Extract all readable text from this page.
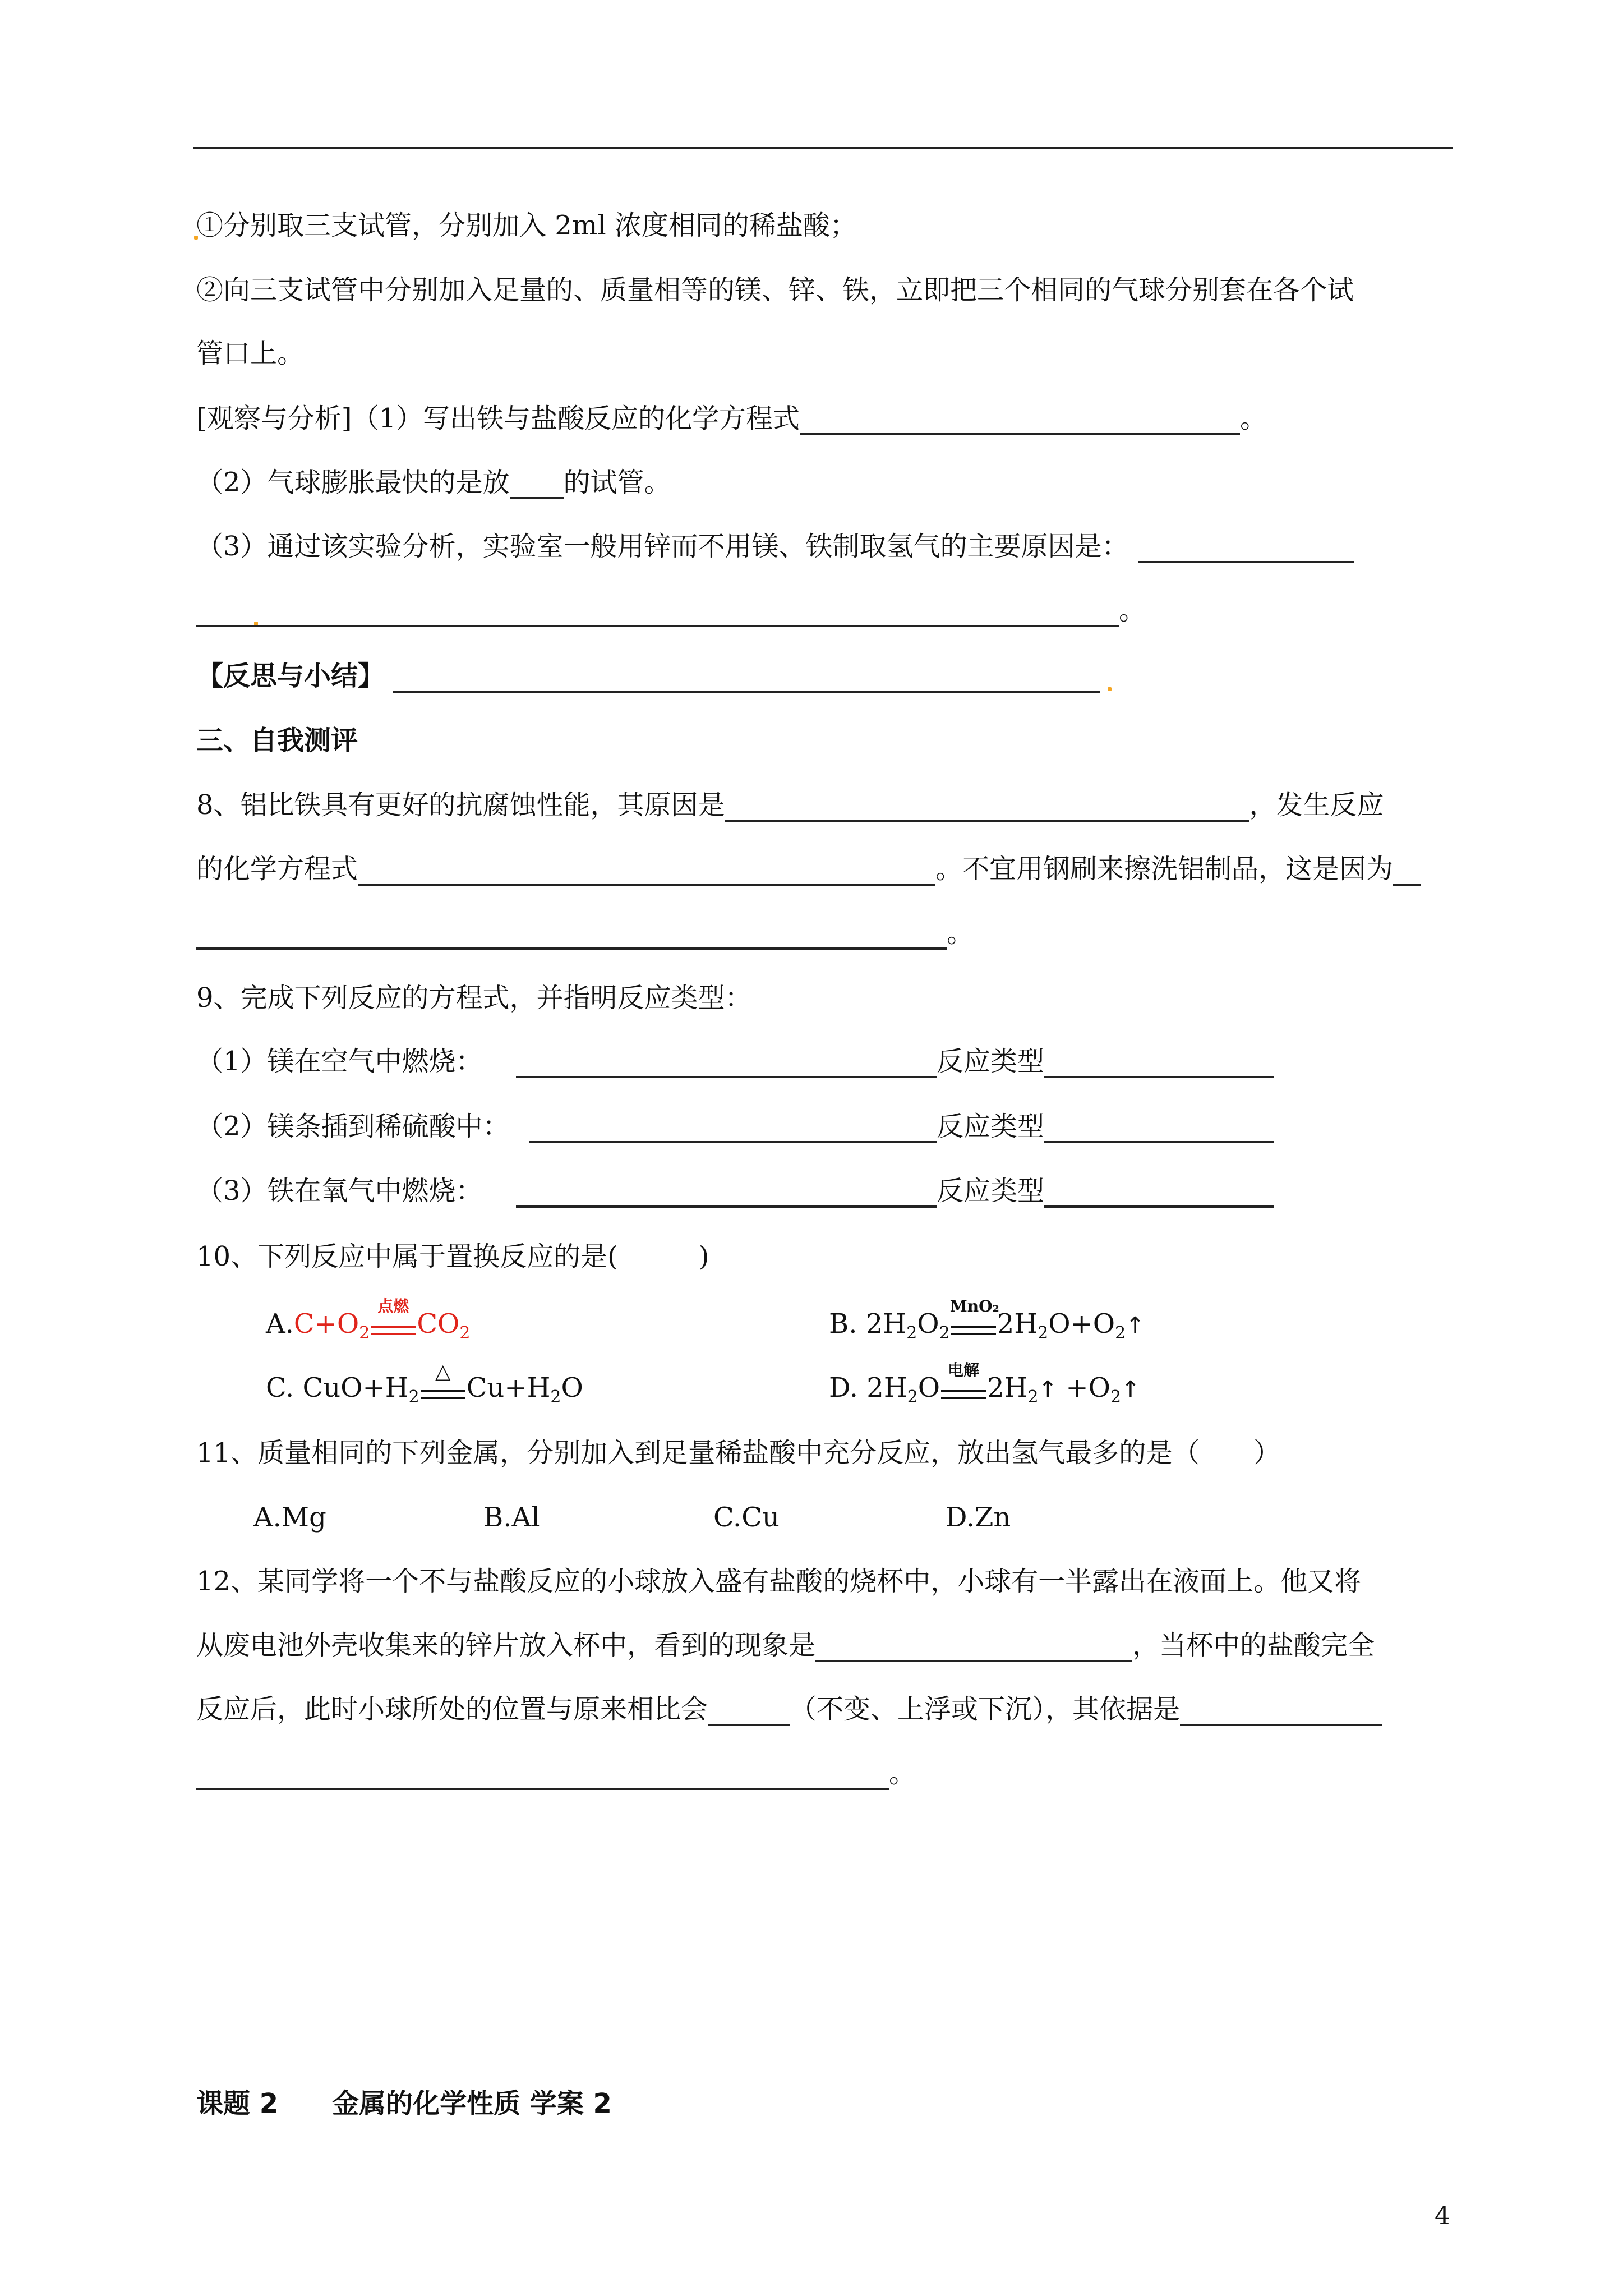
①分别取三支试管，分别加入 2ml 浓度相同的稀盐酸；
②向三支试管中分别加入足量的、质量相等的镁、锌、铁，立即把三个相同的气球分别套在各个试
管口上。
[观察与分析]（1）写出铁与盐酸反应的化学方程式	。
（2）气球膨胀最快的是放 的试管。
（3）通过该实验分析，实验室一般用锌而不用镁、铁制取氢气的主要原因是：
。
【反思与小结】
三、自我测评
8、铝比铁具有更好的抗腐蚀性能，其原因是	，发生反应
的化学方程式	。不宜用钢刷来擦洗铝制品，这是因为
。
9、完成下列反应的方程式，并指明反应类型：
（1）镁在空气中燃烧：	反应类型
（2）镁条插到稀硫酸中：	反应类型
（3）铁在氧气中燃烧：	反应类型
10、下列反应中属于置换反应的是(　　　)
$A.C+O_2$
点燃
$CO_2$	B. $2H_2O_2$
MnO₂
$2H_2O+O_2↑$
C. $CuO+H_2$
△
$Cu+H_2O$	D. $2H_2O$
电解
$2H_2↑$ $+O_2↑$
11、质量相同的下列金属，分别加入到足量稀盐酸中充分反应，放出氢气最多的是（　　）
A.Mg	B.Al	C.Cu	D.Zn
12、某同学将一个不与盐酸反应的小球放入盛有盐酸的烧杯中，小球有一半露出在液面上。他又将
从废电池外壳收集来的锌片放入杯中，看到的现象是	，当杯中的盐酸完全
反应后，此时小球所处的位置与原来相比会	（不变、上浮或下沉），其依据是
。
课题 2　　金属的化学性质 学案 2
4
